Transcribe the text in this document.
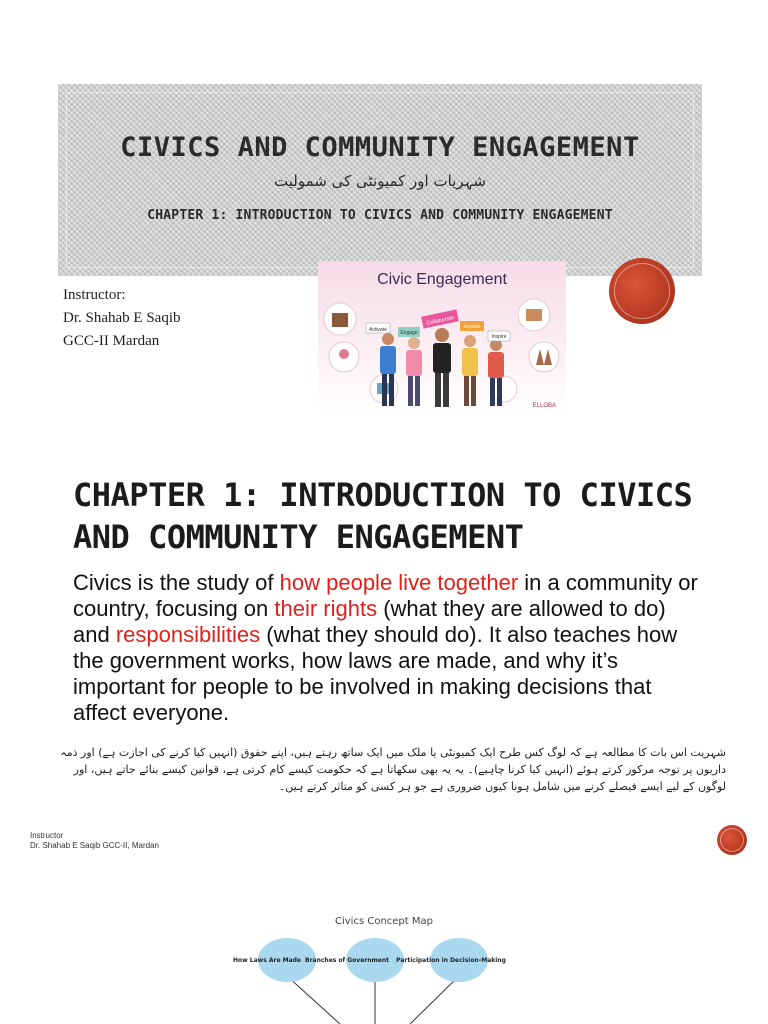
CIVICS AND COMMUNITY ENGAGEMENT
شہریات اور کمیونٹی کی شمولیت
CHAPTER 1: INTRODUCTION TO CIVICS AND COMMUNITY ENGAGEMENT
Instructor:
Dr. Shahab E Saqib
GCC-II Mardan
Civic Engagement
Activate
Collaborate
Involve
Inspire
Engage
ELLOBA
CHAPTER 1: INTRODUCTION TO CIVICS AND COMMUNITY ENGAGEMENT
Civics is the study of how people live together in a community or country, focusing on their rights (what they are allowed to do) and responsibilities (what they should do). It also teaches how the government works, how laws are made, and why it’s important for people to be involved in making decisions that affect everyone.
شہریت اس بات کا مطالعہ ہے کہ لوگ کس طرح ایک کمیونٹی یا ملک میں ایک ساتھ رہتے ہیں، اپنے حقوق (انہیں کیا کرنے کی اجازت ہے) اور ذمہ داریوں پر توجہ مرکوز کرتے ہوئے (انہیں کیا کرنا چاہیے)۔ یہ یہ بھی سکھاتا ہے کہ حکومت کیسے کام کرتی ہے، قوانین کیسے بنائے جاتے ہیں، اور لوگوں کے لیے ایسے فیصلے کرنے میں شامل ہونا کیوں ضروری ہے جو ہر کسی کو متاثر کرتے ہیں۔
Instructor
Dr. Shahab E Saqib GCC-II, Mardan
Civics Concept Map
How Laws Are Made Branches of Government Participation in Decision-Making
